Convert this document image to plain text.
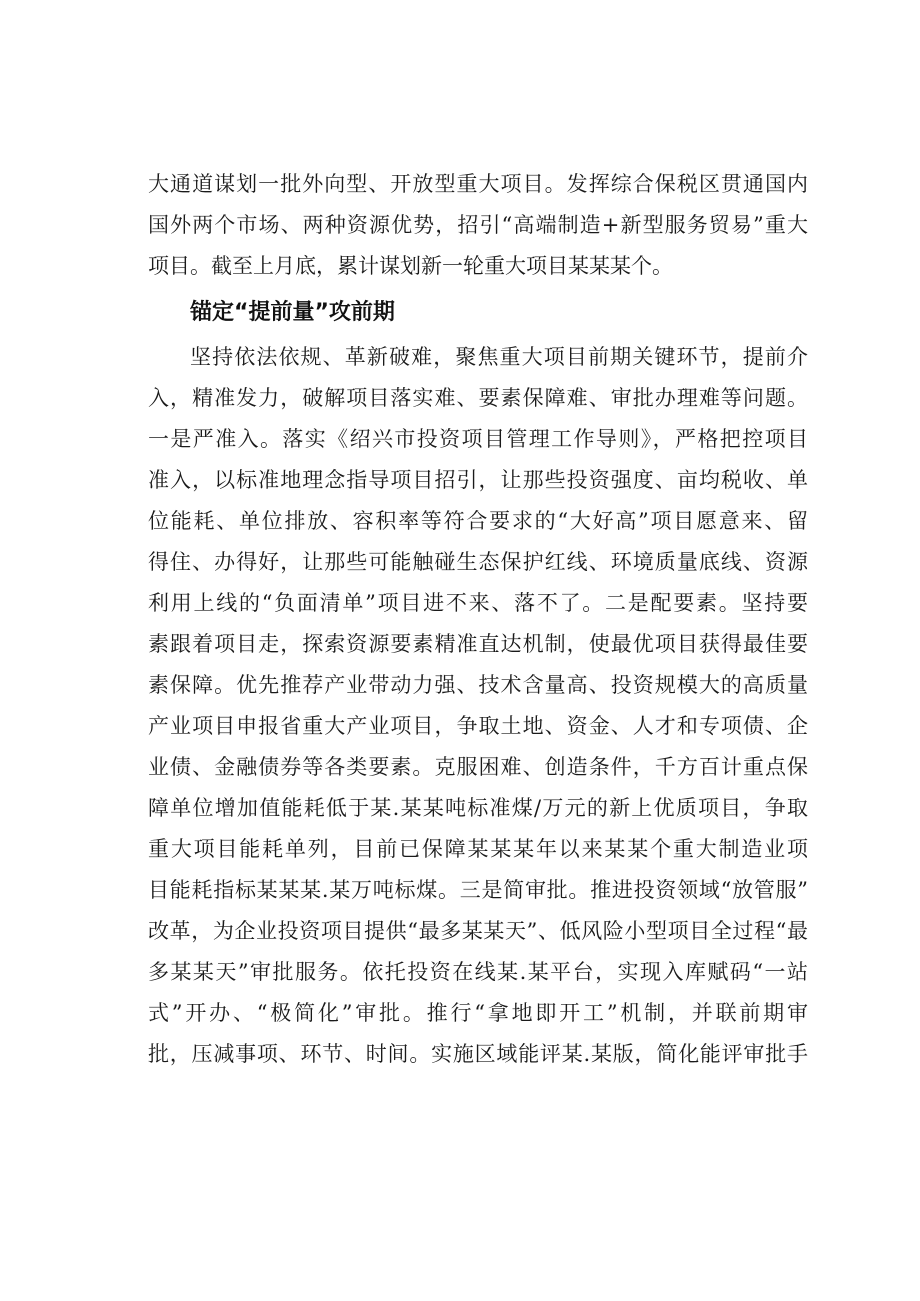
大通道谋划一批外向型、开放型重大项目。发挥综合保税区贯通国内
国外两个市场、两种资源优势，招引“高端制造+新型服务贸易”重大
项目。截至上月底，累计谋划新一轮重大项目某某某个。
锚定“提前量”攻前期
坚持依法依规、革新破难，聚焦重大项目前期关键环节，提前介
入，精准发力，破解项目落实难、要素保障难、审批办理难等问题。
一是严准入。落实《绍兴市投资项目管理工作导则》，严格把控项目
准入，以标准地理念指导项目招引，让那些投资强度、亩均税收、单
位能耗、单位排放、容积率等符合要求的“大好高”项目愿意来、留
得住、办得好，让那些可能触碰生态保护红线、环境质量底线、资源
利用上线的“负面清单”项目进不来、落不了。二是配要素。坚持要
素跟着项目走，探索资源要素精准直达机制，使最优项目获得最佳要
素保障。优先推荐产业带动力强、技术含量高、投资规模大的高质量
产业项目申报省重大产业项目，争取土地、资金、人才和专项债、企
业债、金融债券等各类要素。克服困难、创造条件，千方百计重点保
障单位增加值能耗低于某.某某吨标准煤/万元的新上优质项目，争取
重大项目能耗单列，目前已保障某某某年以来某某个重大制造业项
目能耗指标某某某.某万吨标煤。三是简审批。推进投资领域“放管服”
改革，为企业投资项目提供“最多某某天”、低风险小型项目全过程“最
多某某天”审批服务。依托投资在线某.某平台，实现入库赋码“一站
式”开办、“极简化”审批。推行“拿地即开工”机制，并联前期审
批，压减事项、环节、时间。实施区域能评某.某版，简化能评审批手
